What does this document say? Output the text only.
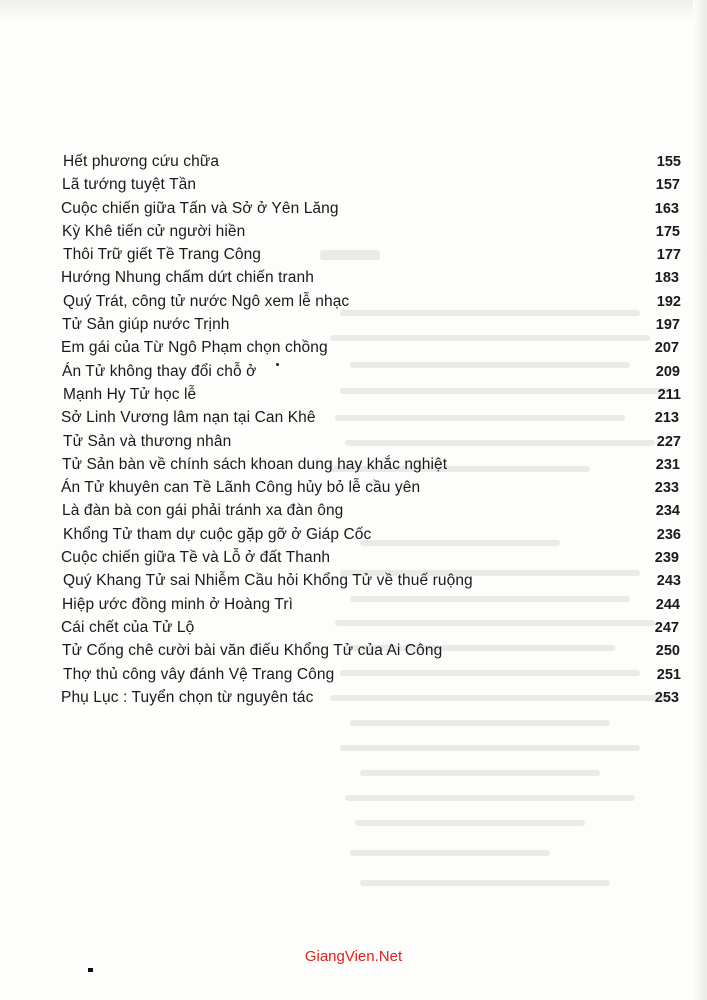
Hết phương cứu chữa	155
Lã tướng tuyệt Tần	157
Cuộc chiến giữa Tấn và Sở ở Yên Lăng	163
Kỳ Khê tiến cử người hiền	175
Thôi Trữ giết Tề Trang Công	177
Hướng Nhung chấm dứt chiến tranh	183
Quý Trát, công tử nước Ngô xem lễ nhạc	192
Tử Sản giúp nước Trịnh	197
Em gái của Từ Ngô Phạm chọn chồng	207
Án Tử không thay đổi chỗ ở	209
Mạnh Hy Tử học lễ	211
Sở Linh Vương lâm nạn tại Can Khê	213
Tử Sản và thương nhân	227
Tử Sản bàn về chính sách khoan dung hay khắc nghiệt	231
Án Tử khuyên can Tề Lãnh Công hủy bỏ lễ cầu yên	233
Là đàn bà con gái phải tránh xa đàn ông	234
Khổng Tử tham dự cuộc gặp gỡ ở Giáp Cốc	236
Cuộc chiến giữa Tề và Lỗ ở đất Thanh	239
Quý Khang Tử sai Nhiễm Cầu hỏi Khổng Tử về thuế ruộng	243
Hiệp ước đồng minh ở Hoàng Trì	244
Cái chết của Tử Lộ	247
Tử Cống chê cười bài văn điếu Khổng Tử của Ai Công	250
Thợ thủ công vây đánh Vệ Trang Công	251
Phụ Lục : Tuyển chọn từ nguyên tác	253
GiangVien.Net
